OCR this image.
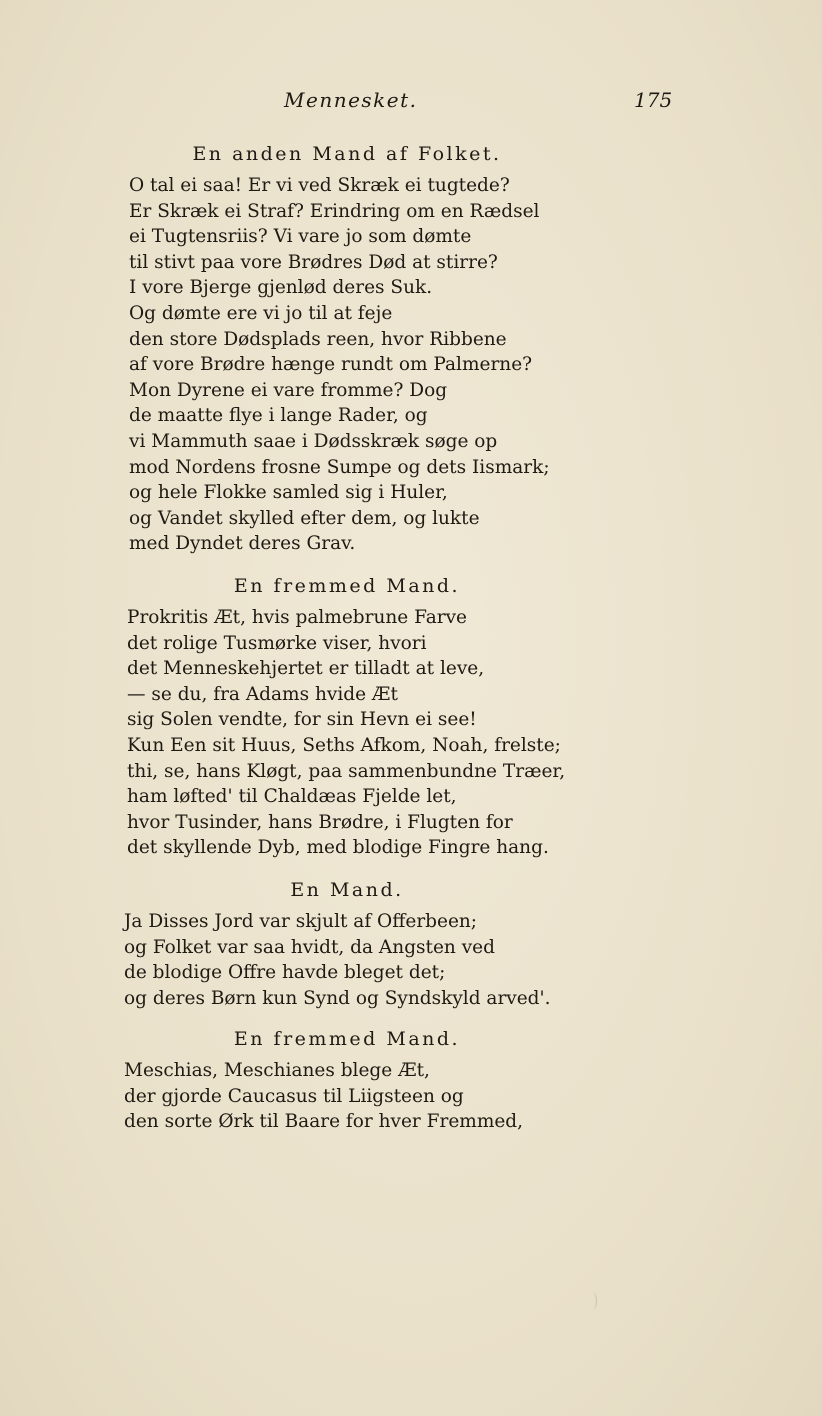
Mennesket.	175
En anden Mand af Folket.
O tal ei saa! Er vi ved Skræk ei tugtede?
Er Skræk ei Straf? Erindring om en Rædsel
ei Tugtensriis? Vi vare jo som dømte
til stivt paa vore Brødres Død at stirre?
I vore Bjerge gjenlød deres Suk.
Og dømte ere vi jo til at feje
den store Dødsplads reen, hvor Ribbene
af vore Brødre hænge rundt om Palmerne?
Mon Dyrene ei vare fromme? Dog
de maatte flye i lange Rader, og
vi Mammuth saae i Dødsskræk søge op
mod Nordens frosne Sumpe og dets Iismark;
og hele Flokke samled sig i Huler,
og Vandet skylled efter dem, og lukte
med Dyndet deres Grav.
En fremmed Mand.
Prokritis Æt, hvis palmebrune Farve
det rolige Tusmørke viser, hvori
det Menneskehjertet er tilladt at leve,
— se du, fra Adams hvide Æt
sig Solen vendte, for sin Hevn ei see!
Kun Een sit Huus, Seths Afkom, Noah, frelste;
thi, se, hans Kløgt, paa sammenbundne Træer,
ham løfted' til Chaldæas Fjelde let,
hvor Tusinder, hans Brødre, i Flugten for
det skyllende Dyb, med blodige Fingre hang.
En Mand.
Ja Disses Jord var skjult af Offerbeen;
og Folket var saa hvidt, da Angsten ved
de blodige Offre havde bleget det;
og deres Børn kun Synd og Syndskyld arved'.
En fremmed Mand.
Meschias, Meschianes blege Æt,
der gjorde Caucasus til Liigsteen og
den sorte Ørk til Baare for hver Fremmed,
